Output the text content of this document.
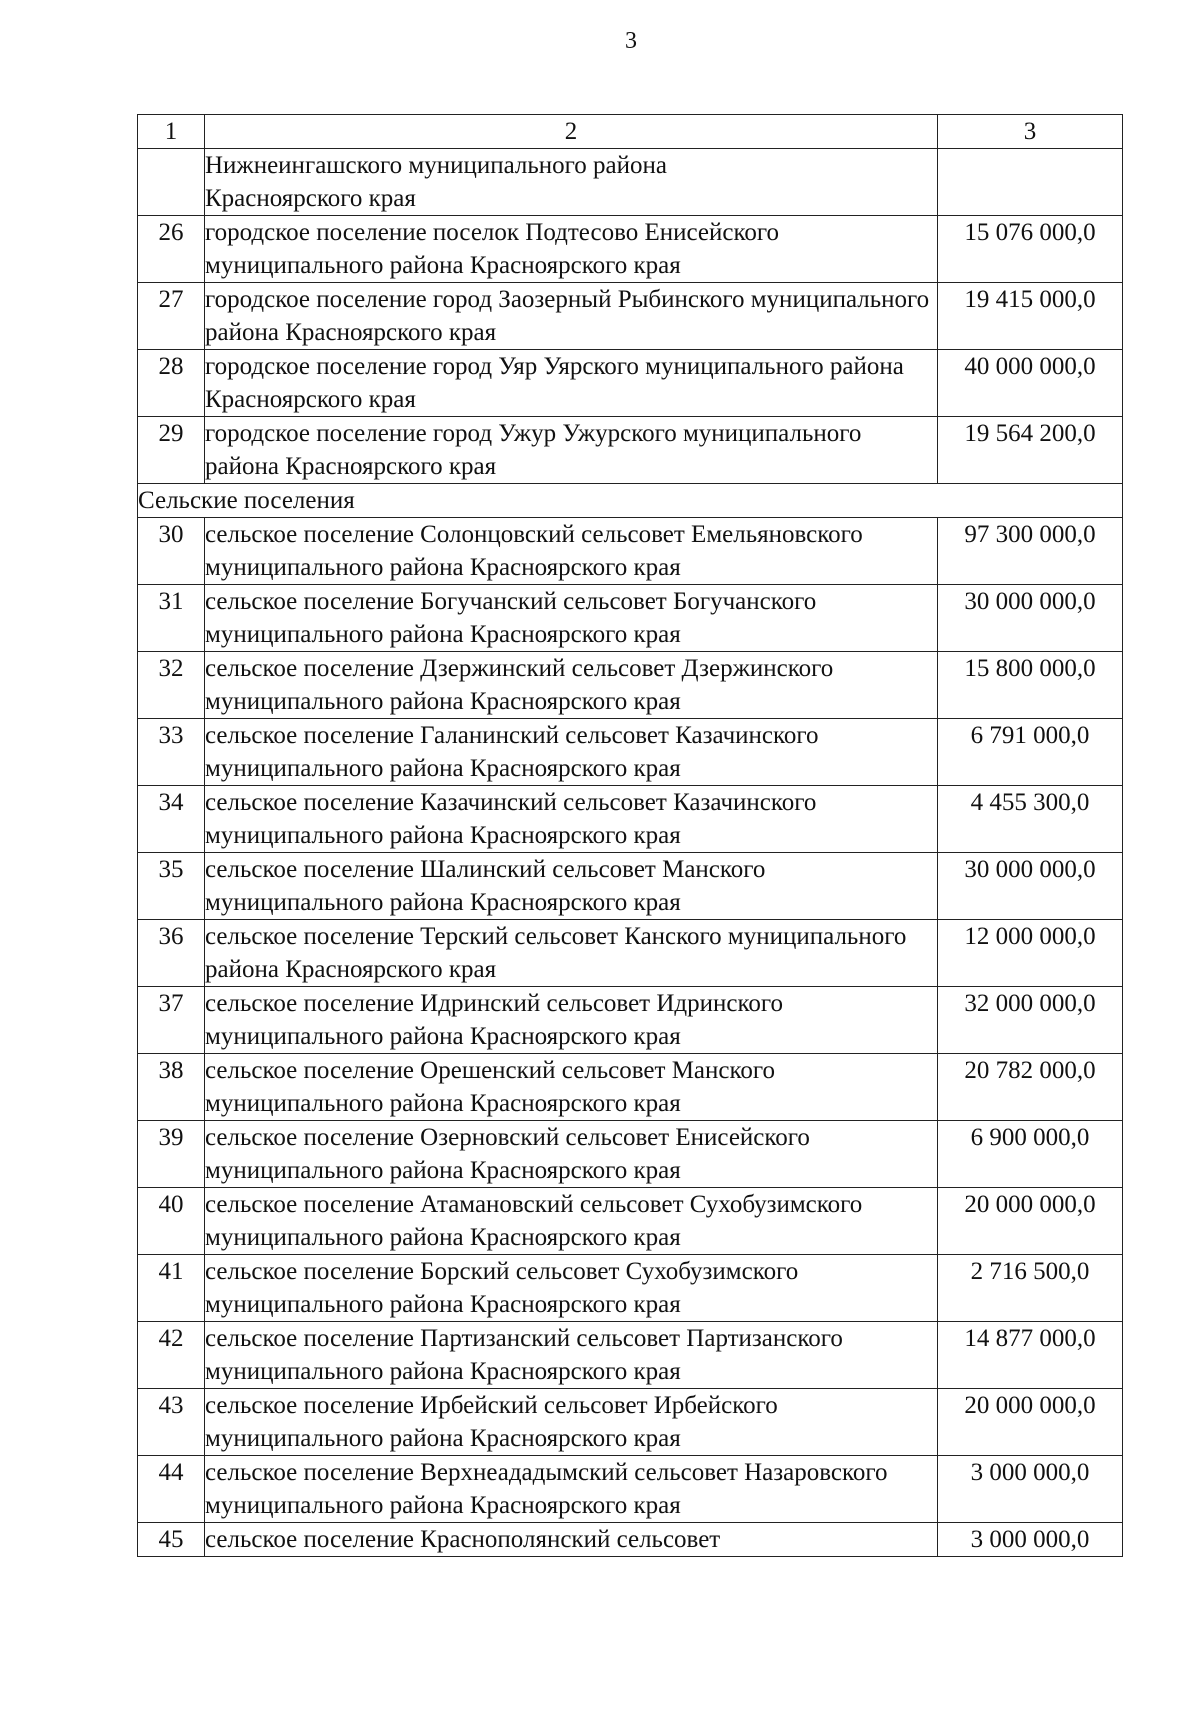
3
1	2	3
	Нижнеингашского муниципального района Красноярского края	
26	городское поселение поселок Подтесово Енисейского муниципального района Красноярского края	15 076 000,0
27	городское поселение город Заозерный Рыбинского муниципального района Красноярского края	19 415 000,0
28	городское поселение город Уяр Уярского муниципального района Красноярского края	40 000 000,0
29	городское поселение город Ужур Ужурского муниципального района Красноярского края	19 564 200,0
Сельские поселения		
30	сельское поселение Солонцовский сельсовет Емельяновского муниципального района Красноярского края	97 300 000,0
31	сельское поселение Богучанский сельсовет Богучанского муниципального района Красноярского края	30 000 000,0
32	сельское поселение Дзержинский сельсовет Дзержинского муниципального района Красноярского края	15 800 000,0
33	сельское поселение Галанинский сельсовет Казачинского муниципального района Красноярского края	6 791 000,0
34	сельское поселение Казачинский сельсовет Казачинского муниципального района Красноярского края	4 455 300,0
35	сельское поселение Шалинский сельсовет Манского муниципального района Красноярского края	30 000 000,0
36	сельское поселение Терский сельсовет Канского муниципального района Красноярского края	12 000 000,0
37	сельское поселение Идринский сельсовет Идринского муниципального района Красноярского края	32 000 000,0
38	сельское поселение Орешенский сельсовет Манского муниципального района Красноярского края	20 782 000,0
39	сельское поселение Озерновский сельсовет Енисейского муниципального района Красноярского края	6 900 000,0
40	сельское поселение Атамановский сельсовет Сухобузимского муниципального района Красноярского края	20 000 000,0
41	сельское поселение Борский сельсовет Сухобузимского муниципального района Красноярского края	2 716 500,0
42	сельское поселение Партизанский сельсовет Партизанского муниципального района Красноярского края	14 877 000,0
43	сельское поселение Ирбейский сельсовет Ирбейского муниципального района Красноярского края	20 000 000,0
44	сельское поселение Верхнеададымский сельсовет Назаровского муниципального района Красноярского края	3 000 000,0
45	сельское поселение Краснополянский сельсовет	3 000 000,0
